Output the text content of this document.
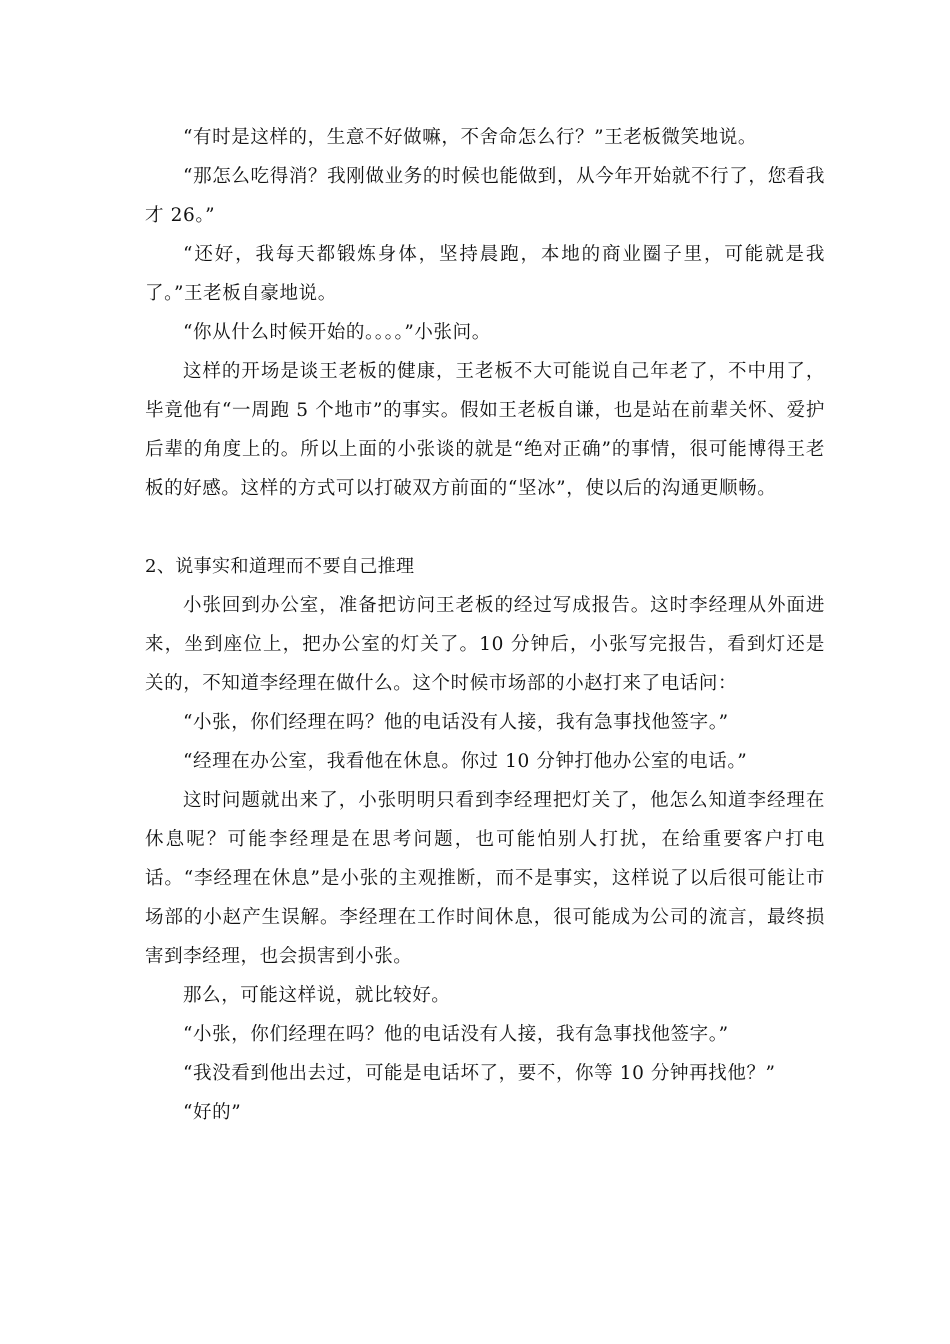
“有时是这样的，生意不好做嘛，不舍命怎么行？”王老板微笑地说。

“那怎么吃得消？我刚做业务的时候也能做到，从今年开始就不行了，您看我才 26。”

“还好，我每天都锻炼身体，坚持晨跑，本地的商业圈子里，可能就是我了。”王老板自豪地说。

“你从什么时候开始的。。。。”小张问。

这样的开场是谈王老板的健康，王老板不大可能说自己年老了，不中用了，毕竟他有“一周跑 5 个地市”的事实。假如王老板自谦，也是站在前辈关怀、爱护后辈的角度上的。所以上面的小张谈的就是“绝对正确”的事情，很可能博得王老板的好感。这样的方式可以打破双方前面的“坚冰”，使以后的沟通更顺畅。

2、说事实和道理而不要自己推理

小张回到办公室，准备把访问王老板的经过写成报告。这时李经理从外面进来，坐到座位上，把办公室的灯关了。10 分钟后，小张写完报告，看到灯还是关的，不知道李经理在做什么。这个时候市场部的小赵打来了电话问：

“小张，你们经理在吗？他的电话没有人接，我有急事找他签字。”

“经理在办公室，我看他在休息。你过 10 分钟打他办公室的电话。”

这时问题就出来了，小张明明只看到李经理把灯关了，他怎么知道李经理在休息呢？可能李经理是在思考问题，也可能怕别人打扰，在给重要客户打电话。“李经理在休息”是小张的主观推断，而不是事实，这样说了以后很可能让市场部的小赵产生误解。李经理在工作时间休息，很可能成为公司的流言，最终损害到李经理，也会损害到小张。

那么，可能这样说，就比较好。

“小张，你们经理在吗？他的电话没有人接，我有急事找他签字。”

“我没看到他出去过，可能是电话坏了，要不，你等 10 分钟再找他？”

“好的”
